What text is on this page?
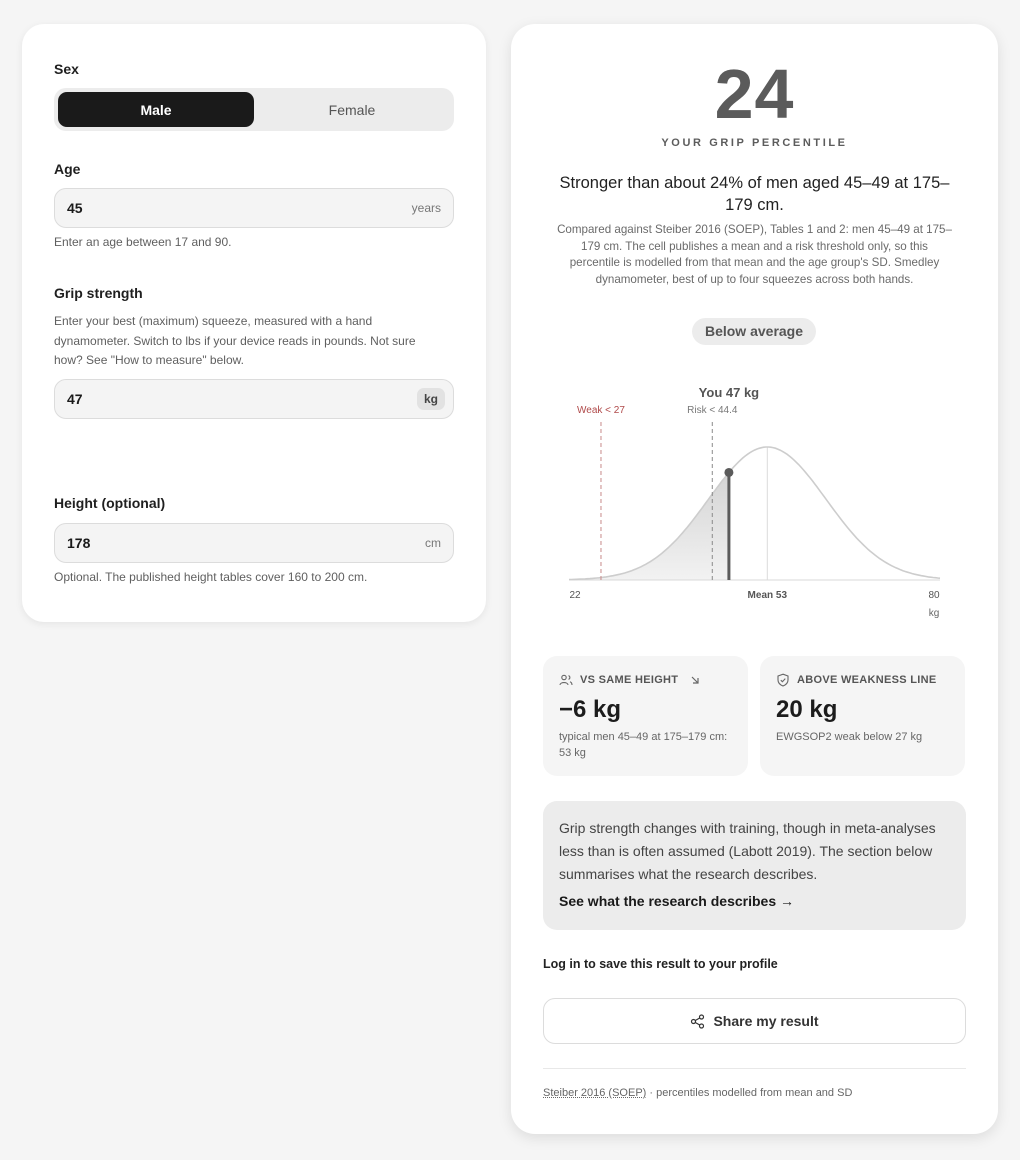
Sex
Male	Female
Age
45
years
Enter an age between 17 and 90.
Grip strength
Enter your best (maximum) squeeze, measured with a hand dynamometer. Switch to lbs if your device reads in pounds. Not sure how? See "How to measure" below.
47
kg
Height (optional)
178
cm
Optional. The published height tables cover 160 to 200 cm.
24
YOUR GRIP PERCENTILE
Stronger than about 24% of men aged 45–49 at 175–179 cm.
Compared against Steiber 2016 (SOEP), Tables 1 and 2: men 45–49 at 175–179 cm. The cell publishes a mean and a risk threshold only, so this percentile is modelled from that mean and the age group's SD. Smedley dynamometer, best of up to four squeezes across both hands.
Below average
You 47 kg
Weak < 27	Risk < 44.4
22	Mean 53	80
kg
VS SAME HEIGHT
−6 kg
typical men 45–49 at 175–179 cm: 53 kg
ABOVE WEAKNESS LINE
20 kg
EWGSOP2 weak below 27 kg
Grip strength changes with training, though in meta-analyses less than is often assumed (Labott 2019). The section below summarises what the research describes.
See what the research describes →
Log in to save this result to your profile
Share my result
Steiber 2016 (SOEP) · percentiles modelled from mean and SD
